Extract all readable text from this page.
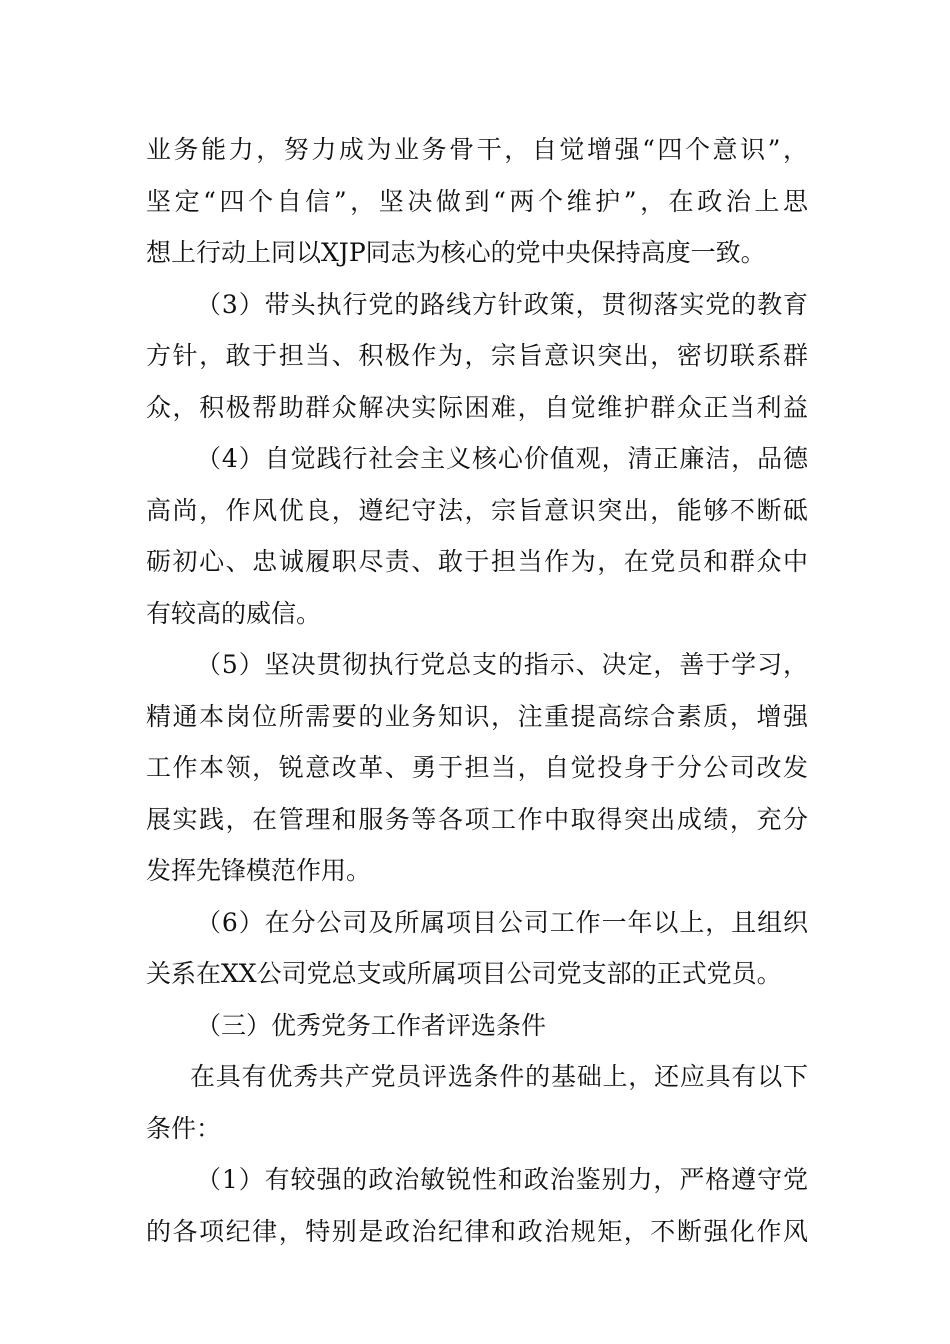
业务能力，努力成为业务骨干，自觉增强“四个意识”，
坚定“四个自信”，坚决做到“两个维护”，在政治上思
想上行动上同以XJP同志为核心的党中央保持高度一致。
（3）带头执行党的路线方针政策，贯彻落实党的教育
方针，敢于担当、积极作为，宗旨意识突出，密切联系群
众，积极帮助群众解决实际困难，自觉维护群众正当利益
（4）自觉践行社会主义核心价值观，清正廉洁，品德
高尚，作风优良，遵纪守法，宗旨意识突出，能够不断砥
砺初心、忠诚履职尽责、敢于担当作为，在党员和群众中
有较高的威信。
（5）坚决贯彻执行党总支的指示、决定，善于学习，
精通本岗位所需要的业务知识，注重提高综合素质，增强
工作本领，锐意改革、勇于担当，自觉投身于分公司改发
展实践，在管理和服务等各项工作中取得突出成绩，充分
发挥先锋模范作用。
（6）在分公司及所属项目公司工作一年以上，且组织
关系在XX公司党总支或所属项目公司党支部的正式党员。
（三）优秀党务工作者评选条件
在具有优秀共产党员评选条件的基础上，还应具有以下
条件：
（1）有较强的政治敏锐性和政治鉴别力，严格遵守党
的各项纪律，特别是政治纪律和政治规矩，不断强化作风
